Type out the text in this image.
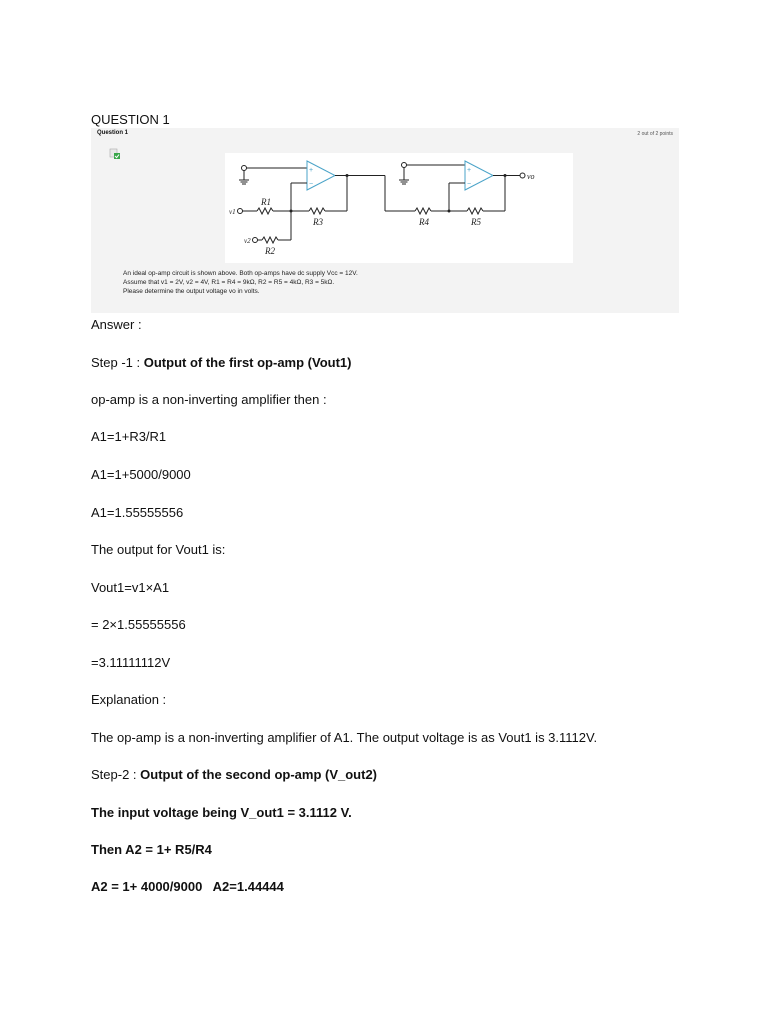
QUESTION 1
Question 1	2 out of 2 points
R1
R3
R2
R4	R5
v1
v2
vo
+
−
+
−
An ideal op-amp circuit is shown above. Both op-amps have dc supply Vcc = 12V.
Assume that v1 = 2V, v2 = 4V, R1 = R4 = 9kΩ, R2 = R5 = 4kΩ, R3 = 5kΩ.
Please determine the output voltage vo in volts.
Answer :
Step -1 : Output of the first op-amp (Vout1)
op-amp is a non-inverting amplifier then :
A1=1+R3/R1
A1=1+5000/9000
A1=1.55555556
The output for Vout1 is:
Vout1=v1×A1
= 2×1.55555556
=3.11111112V
Explanation :
The op-amp is a non-inverting amplifier of A1. The output voltage is as Vout1 is 3.1112V.
Step-2 : Output of the second op-amp (V_out2)
The input voltage being V_out1 = 3.1112 V.
Then A2 = 1+ R5/R4
A2 = 1+ 4000/9000   A2=1.44444
